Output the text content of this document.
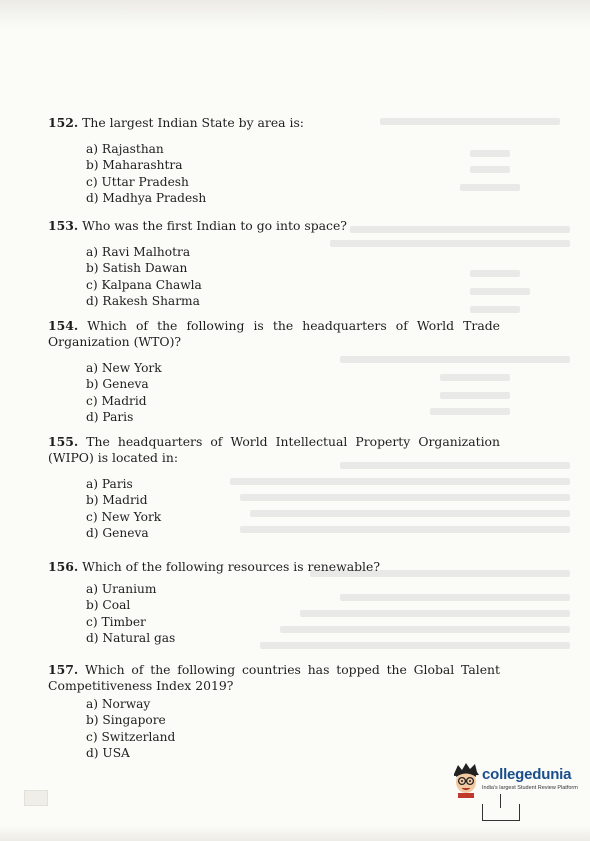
152. The largest Indian State by area is:

a) Rajasthan
b) Maharashtra
c) Uttar Pradesh
d) Madhya Pradesh

153. Who was the first Indian to go into space?

a) Ravi Malhotra
b) Satish Dawan
c) Kalpana Chawla
d) Rakesh Sharma

154. Which of the following is the headquarters of World Trade Organization (WTO)?

a) New York
b) Geneva
c) Madrid
d) Paris

155. The headquarters of World Intellectual Property Organization (WIPO) is located in:

a) Paris
b) Madrid
c) New York
d) Geneva

156. Which of the following resources is renewable?

a) Uranium
b) Coal
c) Timber
d) Natural gas

157. Which of the following countries has topped the Global Talent Competitiveness Index 2019?

a) Norway
b) Singapore
c) Switzerland
d) USA
collegedunia
India's largest Student Review Platform
